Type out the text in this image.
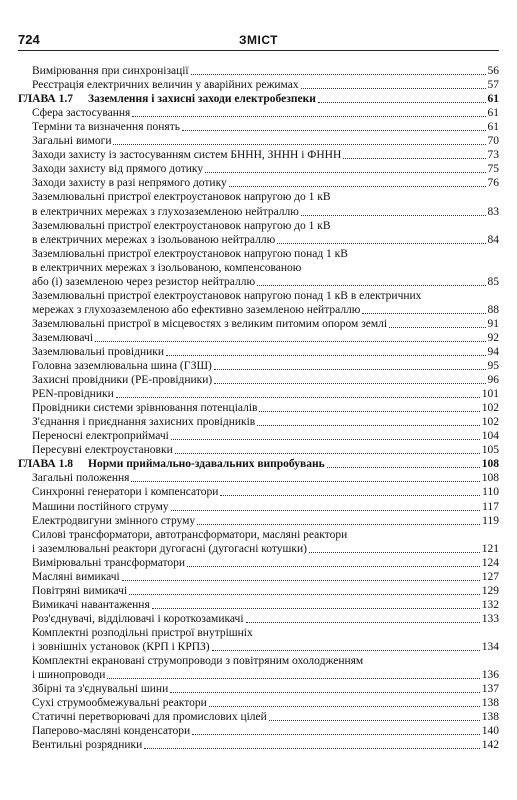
724	ЗМІСТ
Вимірювання при синхронізації	56
Реєстрація електричних величин у аварійних режимах	57
ГЛАВА 1.7	Заземлення і захисні заходи електробезпеки	61
Сфера застосування	61
Терміни та визначення понять	61
Загальні вимоги	70
Заходи захисту із застосуванням систем БННН, ЗННН і ФННН	73
Заходи захисту від прямого дотику	75
Заходи захисту в разі непрямого дотику	76
Заземлювальні пристрої електроустановок напругою до 1 кВ
в електричних мережах з глухозаземленою нейтраллю	83
Заземлювальні пристрої електроустановок напругою до 1 кВ
в електричних мережах з ізольованою нейтраллю	84
Заземлювальні пристрої електроустановок напругою понад 1 кВ
в електричних мережах з ізольованою, компенсованою
або (і) заземленою через резистор нейтраллю	85
Заземлювальні пристрої електроустановок напругою понад 1 кВ в електричних
мережах з глухозаземленою або ефективно заземленою нейтраллю	88
Заземлювальні пристрої в місцевостях з великим питомим опором землі	91
Заземлювачі	92
Заземлювальні провідники	94
Головна заземлювальна шина (ГЗШ)	95
Захисні провідники (РЕ-провідники)	96
РЕN-провідники	101
Провідники системи зрівнювання потенціалів	102
З'єднання і приєднання захисних провідників	102
Переносні електроприймачі	104
Пересувні електроустановки	105
ГЛАВА 1.8	Норми приймально-здавальних випробувань	108
Загальні положення	108
Синхронні генератори і компенсатори	110
Машини постійного струму	117
Електродвигуни змінного струму	119
Силові трансформатори, автотрансформатори, масляні реактори
і заземлювальні реактори дугогасні (дугогасні котушки)	121
Вимірювальні трансформатори	124
Масляні вимикачі	127
Повітряні вимикачі	129
Вимикачі навантаження	132
Роз'єднувачі, відділювачі і короткозамикачі	133
Комплектні розподільні пристрої внутрішніх
і зовнішніх установок (КРП і КРПЗ)	134
Комплектні екрановані струмопроводи з повітряним охолодженням
і шинопроводи	136
Збірні та з'єднувальні шини	137
Сухі струмообмежувальні реактори	138
Статичні перетворювачі для промислових цілей	138
Паперово-масляні конденсатори	140
Вентильні розрядники	142
